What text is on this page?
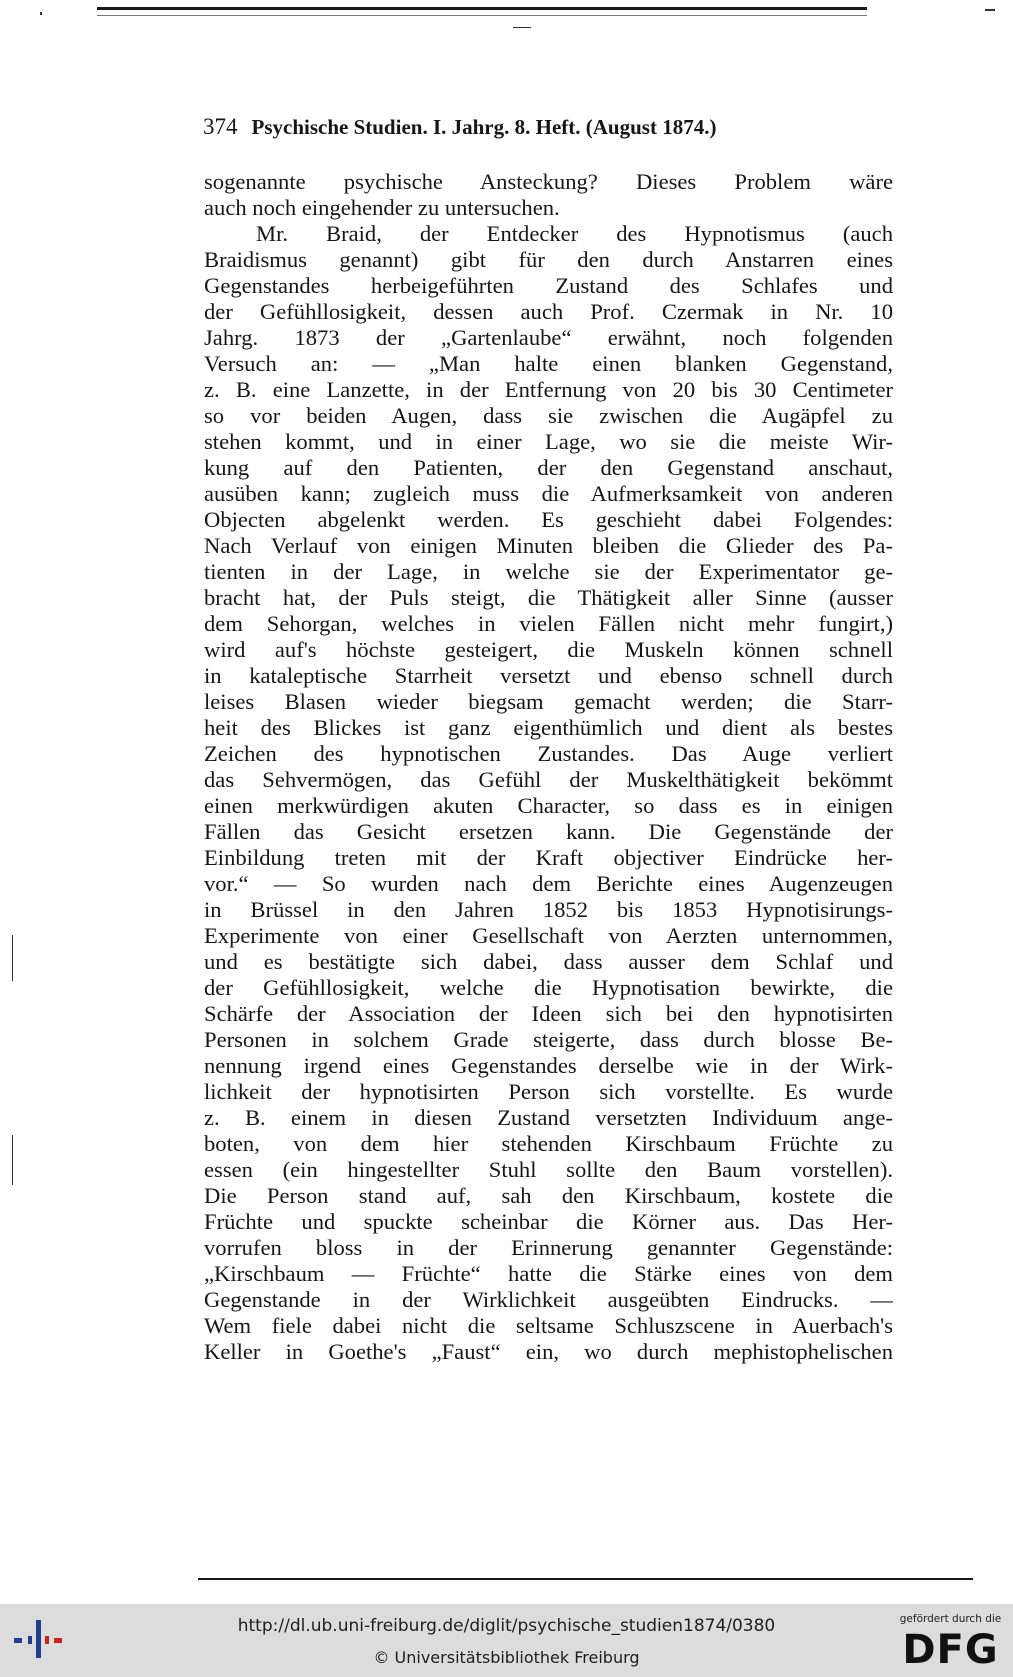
374 Psychische Studien. I. Jahrg. 8. Heft. (August 1874.)
sogenannte psychische Ansteckung? Dieses Problem wäre
auch noch eingehender zu untersuchen.
Mr. Braid, der Entdecker des Hypnotismus (auch
Braidismus genannt) gibt für den durch Anstarren eines
Gegenstandes herbeigeführten Zustand des Schlafes und
der Gefühllosigkeit, dessen auch Prof. Czermak in Nr. 10
Jahrg. 1873 der „Gartenlaube“ erwähnt, noch folgenden
Versuch an: — „Man halte einen blanken Gegenstand,
z. B. eine Lanzette, in der Entfernung von 20 bis 30 Centimeter
so vor beiden Augen, dass sie zwischen die Augäpfel zu
stehen kommt, und in einer Lage, wo sie die meiste Wir-
kung auf den Patienten, der den Gegenstand anschaut,
ausüben kann; zugleich muss die Aufmerksamkeit von anderen
Objecten abgelenkt werden. Es geschieht dabei Folgendes:
Nach Verlauf von einigen Minuten bleiben die Glieder des Pa-
tienten in der Lage, in welche sie der Experimentator ge-
bracht hat, der Puls steigt, die Thätigkeit aller Sinne (ausser
dem Sehorgan, welches in vielen Fällen nicht mehr fungirt,)
wird auf's höchste gesteigert, die Muskeln können schnell
in kataleptische Starrheit versetzt und ebenso schnell durch
leises Blasen wieder biegsam gemacht werden; die Starr-
heit des Blickes ist ganz eigenthümlich und dient als bestes
Zeichen des hypnotischen Zustandes. Das Auge verliert
das Sehvermögen, das Gefühl der Muskelthätigkeit bekömmt
einen merkwürdigen akuten Character, so dass es in einigen
Fällen das Gesicht ersetzen kann. Die Gegenstände der
Einbildung treten mit der Kraft objectiver Eindrücke her-
vor.“ — So wurden nach dem Berichte eines Augenzeugen
in Brüssel in den Jahren 1852 bis 1853 Hypnotisirungs-
Experimente von einer Gesellschaft von Aerzten unternommen,
und es bestätigte sich dabei, dass ausser dem Schlaf und
der Gefühllosigkeit, welche die Hypnotisation bewirkte, die
Schärfe der Association der Ideen sich bei den hypnotisirten
Personen in solchem Grade steigerte, dass durch blosse Be-
nennung irgend eines Gegenstandes derselbe wie in der Wirk-
lichkeit der hypnotisirten Person sich vorstellte. Es wurde
z. B. einem in diesen Zustand versetzten Individuum ange-
boten, von dem hier stehenden Kirschbaum Früchte zu
essen (ein hingestellter Stuhl sollte den Baum vorstellen).
Die Person stand auf, sah den Kirschbaum, kostete die
Früchte und spuckte scheinbar die Körner aus. Das Her-
vorrufen bloss in der Erinnerung genannter Gegenstände:
„Kirschbaum — Früchte“ hatte die Stärke eines von dem
Gegenstande in der Wirklichkeit ausgeübten Eindrucks. —
Wem fiele dabei nicht die seltsame Schluszscene in Auerbach's
Keller in Goethe's „Faust“ ein, wo durch mephistophelischen
http://dl.ub.uni-freiburg.de/diglit/psychische_studien1874/0380
© Universitätsbibliothek Freiburg
gefördert durch die
DFG
